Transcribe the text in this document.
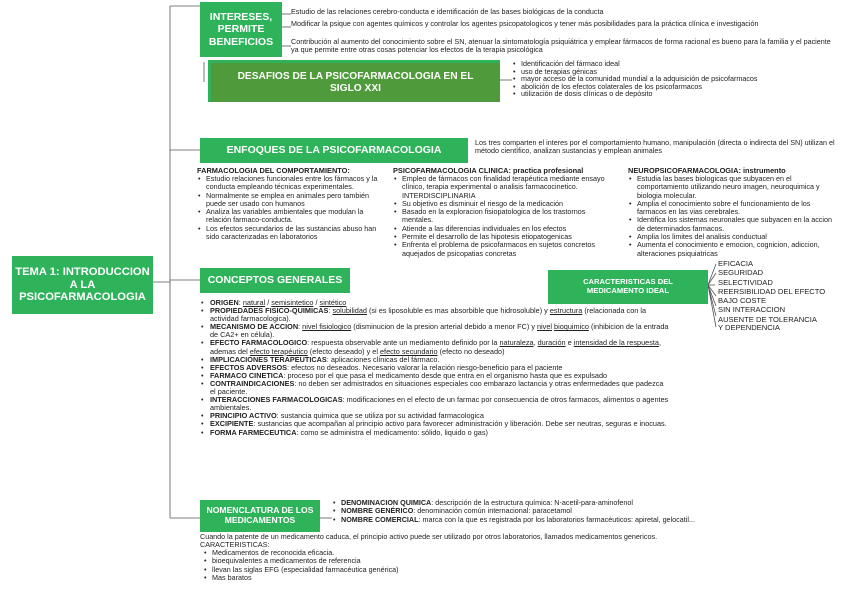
TEMA 1: INTRODUCCION A LA PSICOFARMACOLOGIA
INTERESES, PERMITE BENEFICIOS
Estudio de las relaciones cerebro-conducta e identificación de las bases biológicas de la conducta
Modificar la psique con agentes químicos y controlar los agentes psicopatologicos y tener más posibilidades para la práctica clínica e investigación
Contribución al aumento del conocimiento sobre el SN, atenuar la sintomatología psiquiátrica y emplear fármacos de forma racional es bueno para la familia y el paciente ya que permite entre otras cosas potenciar los efectos de la terapia psicológica
DESAFIOS DE LA PSICOFARMACOLOGIA EN EL SIGLO XXI
• Identificación del fármaco ideal
• uso de terapias génicas
• mayor acceso de la comunidad mundial a la adquisición de psicofarmacos
• abolición de los efectos colaterales de los psicofarmacos
• utilización de dosis clínicas o de depósito
ENFOQUES DE LA PSICOFARMACOLOGIA
Los tres comparten el interes por el comportamiento humano, manipulación (directa o indirecta del SN) utilizan el método científico, analizan sustancias y emplean animales
FARMACOLOGIA DEL COMPORTAMIENTO:
• Estudio relaciones funcionales entre los fármacos y la conducta empleando técnicas experimentales.
• Normalmente se emplea en animales pero también puede ser usado con humanos
• Analiza las variables ambientales que modulan la relación farmaco-conducta.
• Los efectos secundarios de las sustancias abuso han sido caracterizadas en laboratorios
PSICOFARMACOLOGIA CLINICA: practica profesional
• Empleo de fármacos con finalidad terapéutica mediante ensayo clínico, terapia experimental o analisis farmacocinetico. INTERDISCIPLINARIA
• Su objetivo es disminuir el riesgo de la medicación
• Basado en la exploracion fisiopatologica de los trastornos mentales.
• Atiende a las diferencias individuales en los efectos
• Permite el desarrollo de las hipotesis etiopatogenicas
• Enfrenta el problema de psicofarmacos en sujetos concretos aquejados de psicopatias concretas
NEUROPSICOFARMACOLOGIA: instrumento
• Estudia las bases biologicas que subyacen en el comportamiento utilizando neuro imagen, neuroquimica y biologia molecular.
• Amplia el conocimiento sobre el funcionamiento de los farmacos en las vias cerebrales.
• Identifica los sistemas neuronales que subyacen en la accion de determinados farmacos.
• Amplia los limites del analisis conductual
• Aumenta el conocimiento e emocion, cognicion, adiccion, alteraciones psiquiatricas
CONCEPTOS GENERALES
• ORIGEN: natural / semisintetico / sintético
• PROPIEDADES FISICO-QUIMICAS: solubilidad (si es liposoluble es mas absorbible que hidrosoluble) y estructura (relacionada con la actividad farmacologica).
• MECANISMO DE ACCION: nivel fisiologico (disminucion de la presion arterial debido a menor FC) y nivel bioquimico (inhibicion de la entrada de CA2+ en célula).
• EFECTO FARMACOLOGICO: respuesta observable ante un mediamento definido por la naturaleza, duración e intensidad de la respuesta, ademas del efecto terapéutico (efecto deseado) y el efecto secundario (efecto no deseado)
• IMPLICACIONES TERAPEUTICAS: aplicaciones clínicas del fármaco.
• EFECTOS ADVERSOS: efectos no deseados. Necesario valorar la relación riesgo-beneficio para el paciente
• FARMACO CINETICA: proceso por el que pasa el medicamento desde que entra en el organismo hasta que es expulsado
• CONTRAINDICACIONES: no deben ser admistrados en situaciones especiales coo embarazo lactancia y otras enfermedades que padezca el paciente.
• INTERACCIONES FARMACOLOGICAS: modificaciones en el efecto de un farmac por consecuencia de otros farmacos, alimentos o agentes ambientales.
• PRINCIPIO ACTIVO: sustancia quimica que se utiliza por su actividad farmacologica
• EXCIPIENTE: sustancias que acompañan al principio activo para favorecer administración y liberación. Debe ser neutras, seguras e inocuas.
• FORMA FARMECEUTICA: como se administra el medicamento: sólido, liquido o gas)
CARACTERISTICAS DEL MEDICAMENTO IDEAL
EFICACIA
SEGURIDAD
SELECTIVIDAD
REERSIBILIDAD DEL EFECTO
BAJO COSTE
SIN INTERACCION
AUSENTE DE TOLERANCIA
Y DEPENDENCIA
NOMENCLATURA DE LOS MEDICAMENTOS
• DENOMINACION QUIMICA: descripción de la estructura química: N-acetil-para-aminofenol
• NOMBRE GENÉRICO: denominación común internacional: paracetamol
• NOMBRE COMERCIAL: marca con la que es registrada por los laboratorios farmacéuticos: apiretal, gelocatil...
Cuando la patente de un medicamento caduca, el principio activo puede ser utilizado por otros laboratorios, llamados medicamentos genericos.
CARACTERISTICAS:
• Medicamentos de reconocida eficacia.
• bioequivalentes a medicamentos de referencia
• llevan las siglas EFG (especialidad farmacéutica genérica)
• Mas baratos
